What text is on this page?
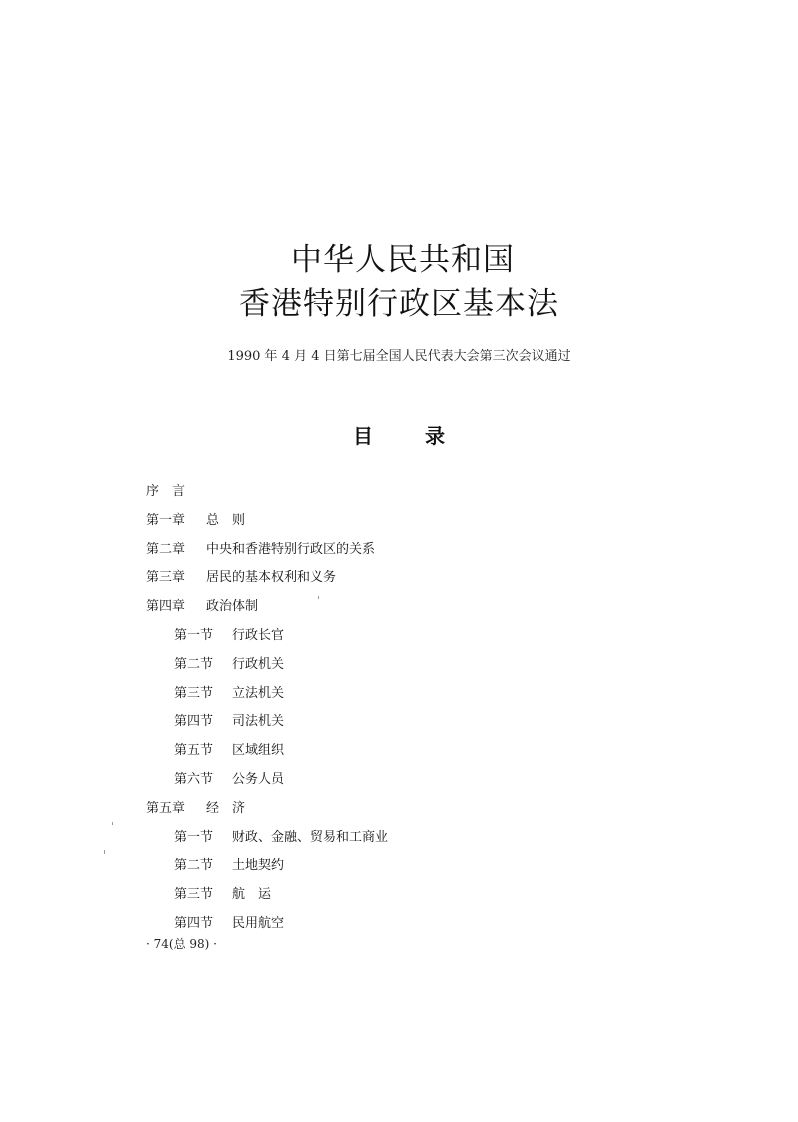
中华人民共和国
香港特别行政区基本法
1990 年 4 月 4 日第七届全国人民代表大会第三次会议通过
目	录
序　言
第一章 总　则
第二章 中央和香港特别行政区的关系
第三章 居民的基本权利和义务
第四章 政治体制
第一节 行政长官
第二节 行政机关
第三节 立法机关
第四节 司法机关
第五节 区域组织
第六节 公务人员
第五章 经　济
第一节 财政、金融、贸易和工商业
第二节 土地契约
第三节 航　运
第四节 民用航空
· 74(总 98) ·
